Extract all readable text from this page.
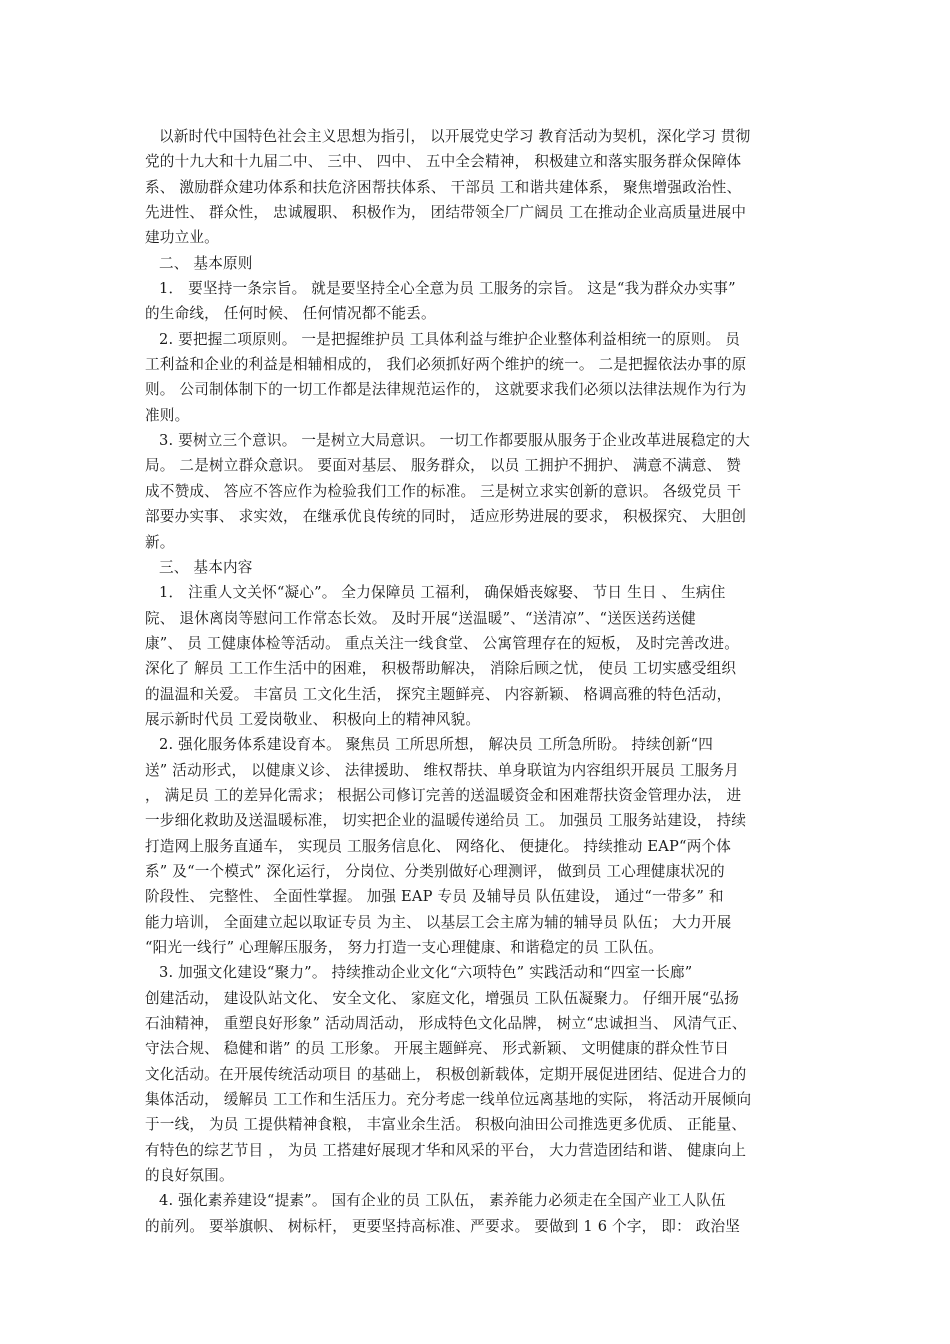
以新时代中国特色社会主义思想为指引， 以开展党史学习 教育活动为契机，深化学习 贯彻
党的十九大和十九届二中、 三中、 四中、 五中全会精神， 积极建立和落实服务群众保障体
系、 激励群众建功体系和扶危济困帮扶体系、 干部员 工和谐共建体系， 聚焦增强政治性、
先进性、 群众性， 忠诚履职、 积极作为， 团结带领全厂广阔员 工在推动企业高质量进展中
建功立业。
二、 基本原则
1． 要坚持一条宗旨。 就是要坚持全心全意为员 工服务的宗旨。 这是“我为群众办实事”
的生命线， 任何时候、 任何情况都不能丢。
2. 要把握二项原则。 一是把握维护员 工具体利益与维护企业整体利益相统一的原则。 员
工利益和企业的利益是相辅相成的， 我们必须抓好两个维护的统一。 二是把握依法办事的原
则。 公司制体制下的一切工作都是法律规范运作的， 这就要求我们必须以法律法规作为行为
准则。
3. 要树立三个意识。 一是树立大局意识。 一切工作都要服从服务于企业改革进展稳定的大
局。 二是树立群众意识。 要面对基层、 服务群众， 以员 工拥护不拥护、 满意不满意、 赞
成不赞成、 答应不答应作为检验我们工作的标准。 三是树立求实创新的意识。 各级党员 干
部要办实事、 求实效， 在继承优良传统的同时， 适应形势进展的要求， 积极探究、 大胆创
新。
三、 基本内容
1． 注重人文关怀“凝心”。 全力保障员 工福利， 确保婚丧嫁娶、 节日 生日 、 生病住
院、 退休离岗等慰问工作常态长效。 及时开展“送温暖”、“送清凉”、“送医送药送健
康”、 员 工健康体检等活动。 重点关注一线食堂、 公寓管理存在的短板， 及时完善改进。
深化了 解员 工工作生活中的困难， 积极帮助解决， 消除后顾之忧， 使员 工切实感受组织
的温温和关爱。 丰富员 工文化生活， 探究主题鲜亮、 内容新颖、 格调高雅的特色活动，
展示新时代员 工爱岗敬业、 积极向上的精神风貌。
2. 强化服务体系建设育本。 聚焦员 工所思所想， 解决员 工所急所盼。 持续创新“四
送” 活动形式， 以健康义诊、 法律援助、 维权帮扶、单身联谊为内容组织开展员 工服务月
， 满足员 工的差异化需求； 根据公司修订完善的送温暖资金和困难帮扶资金管理办法， 进
一步细化救助及送温暖标准， 切实把企业的温暖传递给员 工。 加强员 工服务站建设， 持续
打造网上服务直通车， 实现员 工服务信息化、 网络化、 便捷化。 持续推动 EAP“两个体
系” 及“一个模式” 深化运行， 分岗位、分类别做好心理测评， 做到员 工心理健康状况的
阶段性、 完整性、 全面性掌握。 加强 EAP 专员 及辅导员 队伍建设， 通过“一带多” 和
能力培训， 全面建立起以取证专员 为主、 以基层工会主席为辅的辅导员 队伍； 大力开展
“阳光一线行” 心理解压服务， 努力打造一支心理健康、和谐稳定的员 工队伍。
3. 加强文化建设“聚力”。 持续推动企业文化“六项特色” 实践活动和“四室一长廊”
创建活动， 建设队站文化、 安全文化、 家庭文化，增强员 工队伍凝聚力。 仔细开展“弘扬
石油精神， 重塑良好形象” 活动周活动， 形成特色文化品牌， 树立“忠诚担当、 风清气正、
守法合规、 稳健和谐” 的员 工形象。 开展主题鲜亮、 形式新颖、 文明健康的群众性节日
文化活动。在开展传统活动项目 的基础上， 积极创新载体，定期开展促进团结、促进合力的
集体活动， 缓解员 工工作和生活压力。充分考虑一线单位远离基地的实际， 将活动开展倾向
于一线， 为员 工提供精神食粮， 丰富业余生活。 积极向油田公司推选更多优质、 正能量、
有特色的综艺节目 ， 为员 工搭建好展现才华和风采的平台， 大力营造团结和谐、 健康向上
的良好氛围。
4. 强化素养建设“提素”。 国有企业的员 工队伍， 素养能力必须走在全国产业工人队伍
的前列。 要举旗帜、 树标杆， 更要坚持高标准、严要求。 要做到 1 6 个字， 即： 政治坚
